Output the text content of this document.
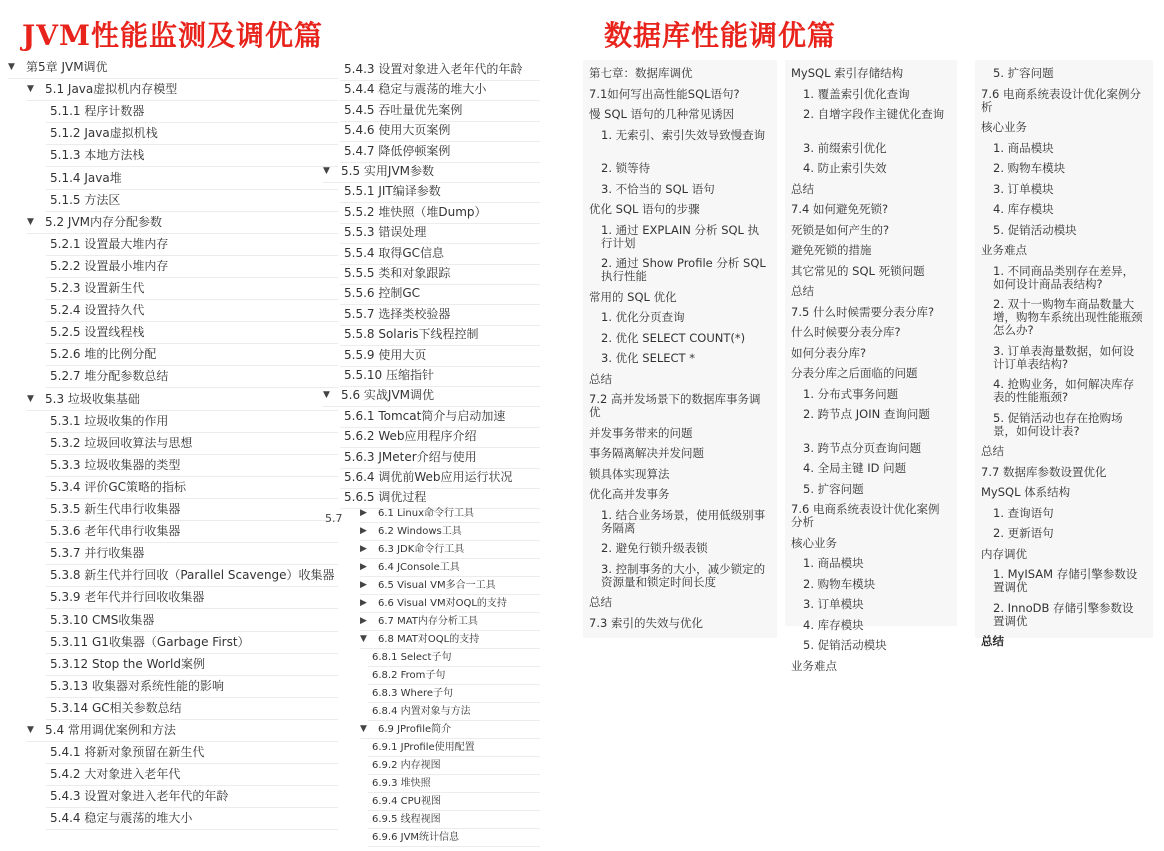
JVM性能监测及调优篇	数据库性能调优篇
▼ 第5章 JVM调优
▼ 5.1 Java虚拟机内存模型
5.1.1 程序计数器
5.1.2 Java虚拟机栈
5.1.3 本地方法栈
5.1.4 Java堆
5.1.5 方法区
▼ 5.2 JVM内存分配参数
5.2.1 设置最大堆内存
5.2.2 设置最小堆内存
5.2.3 设置新生代
5.2.4 设置持久代
5.2.5 设置线程栈
5.2.6 堆的比例分配
5.2.7 堆分配参数总结
▼ 5.3 垃圾收集基础
5.3.1 垃圾收集的作用
5.3.2 垃圾回收算法与思想
5.3.3 垃圾收集器的类型
5.3.4 评价GC策略的指标
5.3.5 新生代串行收集器
5.3.6 老年代串行收集器
5.3.7 并行收集器
5.3.8 新生代并行回收（Parallel Scavenge）收集器
5.3.9 老年代并行回收收集器
5.3.10 CMS收集器
5.3.11 G1收集器（Garbage First）
5.3.12 Stop the World案例
5.3.13 收集器对系统性能的影响
5.3.14 GC相关参数总结
▼ 5.4 常用调优案例和方法
5.4.1 将新对象预留在新生代
5.4.2 大对象进入老年代
5.4.3 设置对象进入老年代的年龄
5.4.4 稳定与震荡的堆大小
5.7
5.4.3 设置对象进入老年代的年龄
5.4.4 稳定与震荡的堆大小
5.4.5 吞吐量优先案例
5.4.6 使用大页案例
5.4.7 降低停顿案例
▼ 5.5 实用JVM参数
5.5.1 JIT编译参数
5.5.2 堆快照（堆Dump）
5.5.3 错误处理
5.5.4 取得GC信息
5.5.5 类和对象跟踪
5.5.6 控制GC
5.5.7 选择类校验器
5.5.8 Solaris下线程控制
5.5.9 使用大页
5.5.10 压缩指针
▼ 5.6 实战JVM调优
5.6.1 Tomcat简介与启动加速
5.6.2 Web应用程序介绍
5.6.3 JMeter介绍与使用
5.6.4 调优前Web应用运行状况
5.6.5 调优过程
▶ 6.1 Linux命令行工具
▶ 6.2 Windows工具
▶ 6.3 JDK命令行工具
▶ 6.4 JConsole工具
▶ 6.5 Visual VM多合一工具
▶ 6.6 Visual VM对OQL的支持
▶ 6.7 MAT内存分析工具
▼ 6.8 MAT对OQL的支持
6.8.1 Select子句
6.8.2 From子句
6.8.3 Where子句
6.8.4 内置对象与方法
▼ 6.9 JProfile简介
6.9.1 JProfile使用配置
6.9.2 内存视图
6.9.3 堆快照
6.9.4 CPU视图
6.9.5 线程视图
6.9.6 JVM统计信息
第七章：数据库调优
7.1如何写出高性能SQL语句?
慢 SQL 语句的几种常见诱因
1. 无索引、索引失效导致慢查询
2. 锁等待
3. 不恰当的 SQL 语句
优化 SQL 语句的步骤
1. 通过 EXPLAIN 分析 SQL 执行计划
2. 通过 Show Profile 分析 SQL 执行性能
常用的 SQL 优化
1. 优化分页查询
2. 优化 SELECT COUNT(*)
3. 优化 SELECT *
总结
7.2 高并发场景下的数据库事务调优
并发事务带来的问题
事务隔离解决并发问题
锁具体实现算法
优化高并发事务
1. 结合业务场景，使用低级别事务隔离
2. 避免行锁升级表锁
3. 控制事务的大小，减少锁定的资源量和锁定时间长度
总结
7.3 索引的失效与优化
MySQL 索引存储结构
1. 覆盖索引优化查询
2. 自增字段作主键优化查询
3. 前缀索引优化
4. 防止索引失效
总结
7.4 如何避免死锁?
死锁是如何产生的?
避免死锁的措施
其它常见的 SQL 死锁问题
总结
7.5 什么时候需要分表分库?
什么时候要分表分库?
如何分表分库?
分表分库之后面临的问题
1. 分布式事务问题
2. 跨节点 JOIN 查询问题
3. 跨节点分页查询问题
4. 全局主键 ID 问题
5. 扩容问题
7.6 电商系统表设计优化案例分析
核心业务
1. 商品模块
2. 购物车模块
3. 订单模块
4. 库存模块
5. 促销活动模块
业务难点
5. 扩容问题
7.6 电商系统表设计优化案例分析
核心业务
1. 商品模块
2. 购物车模块
3. 订单模块
4. 库存模块
5. 促销活动模块
业务难点
1. 不同商品类别存在差异，如何设计商品表结构?
2. 双十一购物车商品数量大增，购物车系统出现性能瓶颈怎么办?
3. 订单表海量数据，如何设计订单表结构?
4. 抢购业务，如何解决库存表的性能瓶颈?
5. 促销活动也存在抢购场景，如何设计表?
总结
7.7 数据库参数设置优化
MySQL 体系结构
1. 查询语句
2. 更新语句
内存调优
1. MyISAM 存储引擎参数设置调优
2. InnoDB 存储引擎参数设置调优
总结
